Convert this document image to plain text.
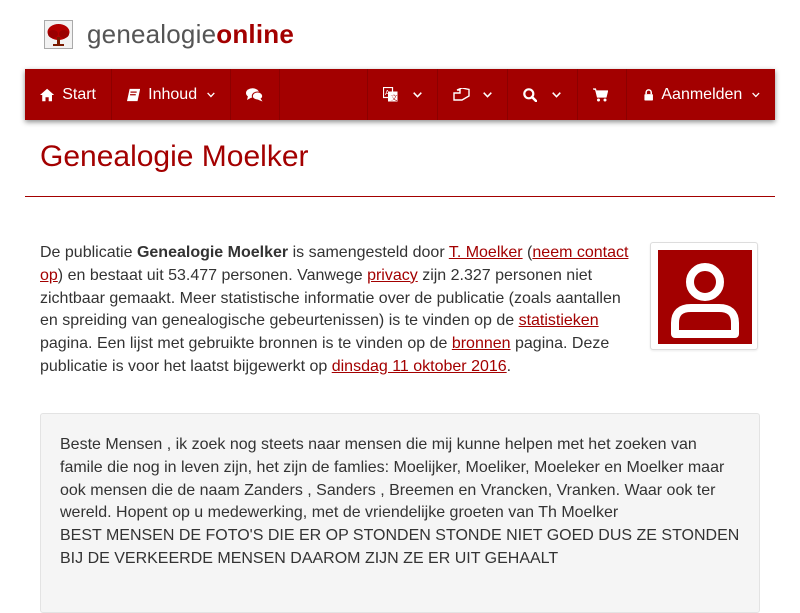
genealogieonline
Start	Inhoud	A
文	Aanmelden
Genealogie Moelker

De publicatie Genealogie Moelker is samengesteld door T. Moelker (neem contact op) en bestaat uit 53.477 personen. Vanwege privacy zijn 2.327 personen niet zichtbaar gemaakt. Meer statistische informatie over de publicatie (zoals aantallen en spreiding van genealogische gebeurtenissen) is te vinden op de statistieken pagina. Een lijst met gebruikte bronnen is te vinden op de bronnen pagina. Deze publicatie is voor het laatst bijgewerkt op dinsdag 11 oktober 2016.

Beste Mensen , ik zoek nog steets naar mensen die mij kunne helpen met het zoeken van famile die nog in leven zijn, het zijn de famlies: Moelijker, Moeliker, Moeleker en Moelker maar ook mensen die de naam Zanders , Sanders , Breemen en Vrancken, Vranken. Waar ook ter wereld. Hopent op u medewerking, met de vriendelijke groeten van Th Moelker

BEST MENSEN DE FOTO'S DIE ER OP STONDEN STONDE NIET GOED DUS ZE STONDEN BIJ DE VERKEERDE MENSEN DAAROM ZIJN ZE ER UIT GEHAALT
